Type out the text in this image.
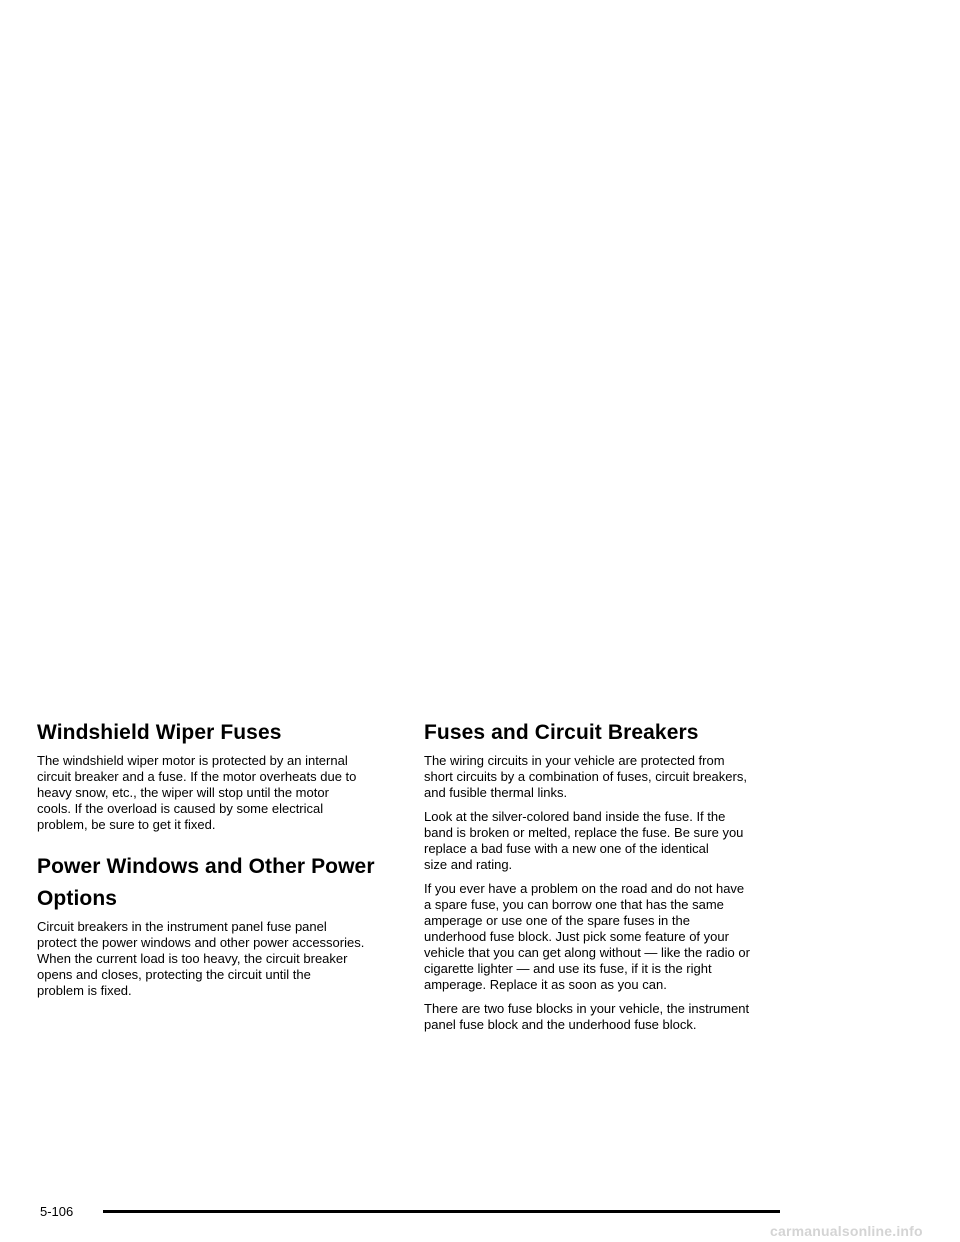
Windshield Wiper Fuses

The windshield wiper motor is protected by an internal
circuit breaker and a fuse. If the motor overheats due to
heavy snow, etc., the wiper will stop until the motor
cools. If the overload is caused by some electrical
problem, be sure to get it fixed.

Power Windows and Other Power Options

Circuit breakers in the instrument panel fuse panel
protect the power windows and other power accessories.
When the current load is too heavy, the circuit breaker
opens and closes, protecting the circuit until the
problem is fixed.

Fuses and Circuit Breakers

The wiring circuits in your vehicle are protected from
short circuits by a combination of fuses, circuit breakers,
and fusible thermal links.

Look at the silver-colored band inside the fuse. If the
band is broken or melted, replace the fuse. Be sure you
replace a bad fuse with a new one of the identical
size and rating.

If you ever have a problem on the road and do not have
a spare fuse, you can borrow one that has the same
amperage or use one of the spare fuses in the
underhood fuse block. Just pick some feature of your
vehicle that you can get along without — like the radio or
cigarette lighter — and use its fuse, if it is the right
amperage. Replace it as soon as you can.

There are two fuse blocks in your vehicle, the instrument
panel fuse block and the underhood fuse block.

5-106
carmanualsonline.info
